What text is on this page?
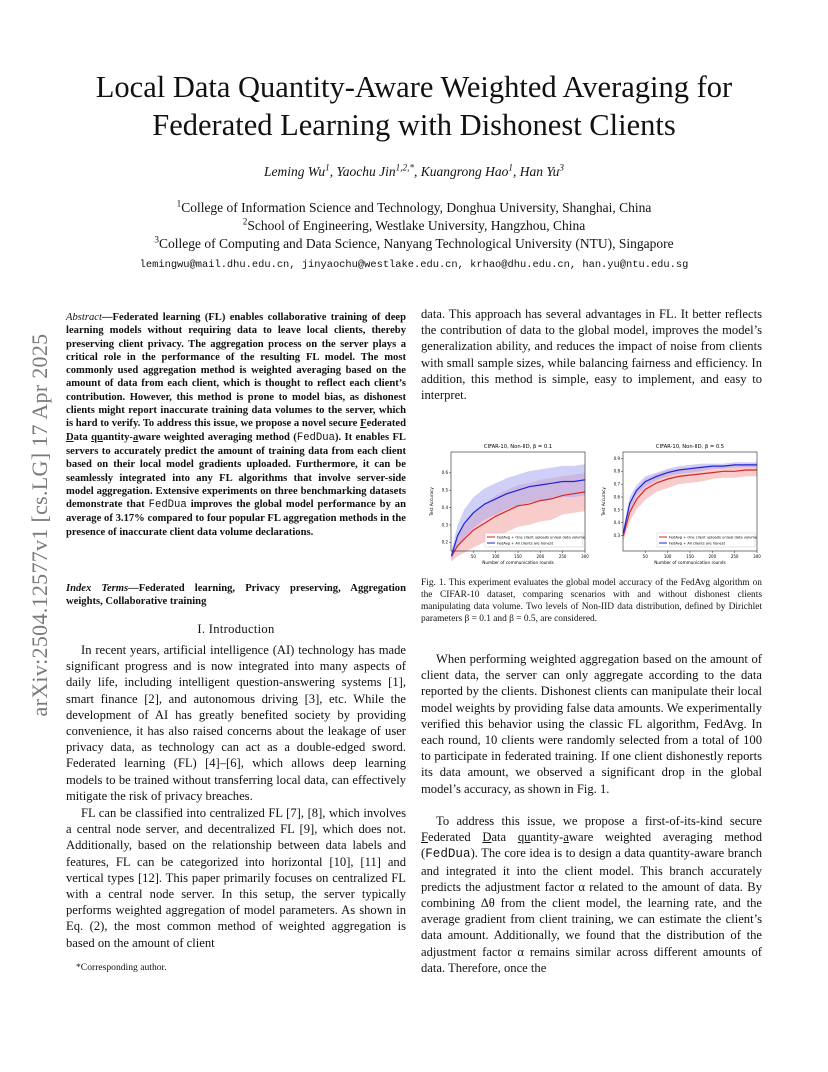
Local Data Quantity-Aware Weighted Averaging for
Federated Learning with Dishonest Clients
Leming Wu$^1$, Yaochu Jin$^{1,2,*}$, Kuangrong Hao$^1$, Han Yu$^3$
$^1$College of Information Science and Technology, Donghua University, Shanghai, China
$^2$School of Engineering, Westlake University, Hangzhou, China
$^3$College of Computing and Data Science, Nanyang Technological University (NTU), Singapore
lemingwu@mail.dhu.edu.cn, jinyaochu@westlake.edu.cn, krhao@dhu.edu.cn, han.yu@ntu.edu.sg
arXiv:2504.12577v1 [cs.LG] 17 Apr 2025
Abstract—Federated learning (FL) enables collaborative training of deep learning models without requiring data to leave local clients, thereby preserving client privacy. The aggregation process on the server plays a critical role in the performance of the resulting FL model. The most commonly used aggregation method is weighted averaging based on the amount of data from each client, which is thought to reflect each client’s contribution. However, this method is prone to model bias, as dishonest clients might report inaccurate training data volumes to the server, which is hard to verify. To address this issue, we propose a novel secure Federated Data quantity-aware weighted averaging method (FedDua). It enables FL servers to accurately predict the amount of training data from each client based on their local model gradients uploaded. Furthermore, it can be seamlessly integrated into any FL algorithms that involve server-side model aggregation. Extensive experiments on three benchmarking datasets demonstrate that FedDua improves the global model performance by an average of 3.17% compared to four popular FL aggregation methods in the presence of inaccurate client data volume declarations.
Index Terms—Federated learning, Privacy preserving, Aggregation weights, Collaborative training
I. Introduction

In recent years, artificial intelligence (AI) technology has made significant progress and is now integrated into many aspects of daily life, including intelligent question-answering systems [1], smart finance [2], and autonomous driving [3], etc. While the development of AI has greatly benefited society by providing convenience, it has also raised concerns about the leakage of user privacy data, as technology can act as a double-edged sword. Federated learning (FL) [4]–[6], which allows deep learning models to be trained without transferring local data, can effectively mitigate the risk of privacy breaches.

FL can be classified into centralized FL [7], [8], which involves a central node server, and decentralized FL [9], which does not. Additionally, based on the relationship between data labels and features, FL can be categorized into horizontal [10], [11] and vertical types [12]. This paper primarily focuses on centralized FL with a central node server. In this setup, the server typically performs weighted aggregation of model parameters. As shown in Eq. (2), the most common method of weighted aggregation is based on the amount of client

*Corresponding author.

data. This approach has several advantages in FL. It better reflects the contribution of data to the global model, improves the model’s generalization ability, and reduces the impact of noise from clients with small sample sizes, while balancing fairness and efficiency. In addition, this method is simple, easy to implement, and easy to interpret.

CIFAR-10, Non-IID, β = 0.1
50	100	150	200	250	300
0.2
0.3
0.4
0.5
0.6
Number of communication rounds
Test Accuracy
FedAvg + One client uploads unreal data volume
FedAvg + All clients are honest
CIFAR-10, Non-IID, β = 0.5
50	100	150	200	250	300
0.3
0.4
0.5
0.6
0.7
0.8
0.9
Number of communication rounds
Test Accuracy
FedAvg + One client uploads unreal data volume
FedAvg + All clients are honest
Fig. 1. This experiment evaluates the global model accuracy of the FedAvg algorithm on the CIFAR-10 dataset, comparing scenarios with and without dishonest clients manipulating data volume. Two levels of Non-IID data distribution, defined by Dirichlet parameters β = 0.1 and β = 0.5, are considered.

When performing weighted aggregation based on the amount of client data, the server can only aggregate according to the data reported by the clients. Dishonest clients can manipulate their local model weights by providing false data amounts. We experimentally verified this behavior using the classic FL algorithm, FedAvg. In each round, 10 clients were randomly selected from a total of 100 to participate in federated training. If one client dishonestly reports its data amount, we observed a significant drop in the global model’s accuracy, as shown in Fig. 1.

To address this issue, we propose a first-of-its-kind secure Federated Data quantity-aware weighted averaging method (FedDua). The core idea is to design a data quantity-aware branch and integrated it into the client model. This branch accurately predicts the adjustment factor α related to the amount of data. By combining Δθ from the client model, the learning rate, and the average gradient from client training, we can estimate the client’s data amount. Additionally, we found that the distribution of the adjustment factor α remains similar across different amounts of data. Therefore, once the
